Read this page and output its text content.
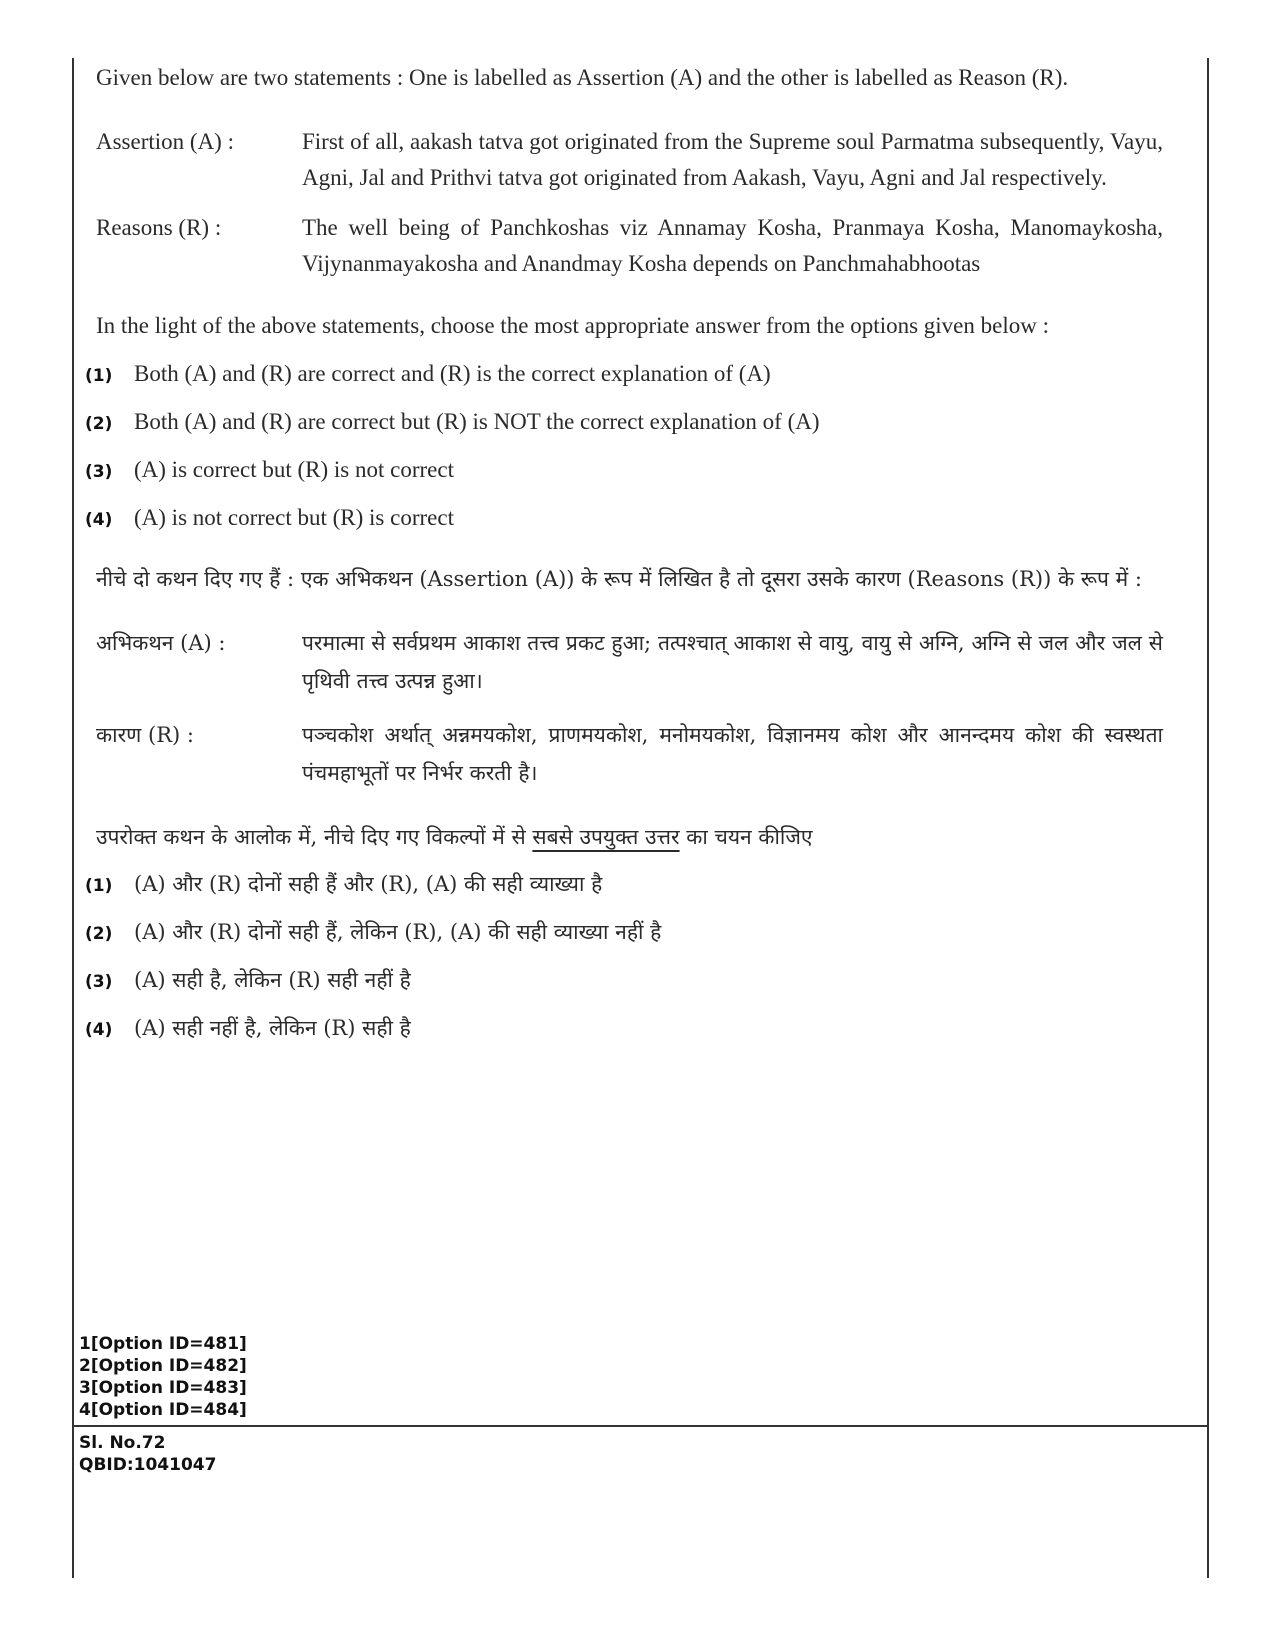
Given below are two statements : One is labelled as Assertion (A) and the other is labelled as Reason (R).

Assertion (A) :	First of all, aakash tatva got originated from the Supreme soul Parmatma subsequently, Vayu, Agni, Jal and Prithvi tatva got originated from Aakash, Vayu, Agni and Jal respectively.
Reasons (R) :	The well being of Panchkoshas viz Annamay Kosha, Pranmaya Kosha, Manomaykosha, Vijynanmayakosha and Anandmay Kosha depends on Panchmahabhootas

In the light of the above statements, choose the most appropriate answer from the options given below :

(1) Both (A) and (R) are correct and (R) is the correct explanation of (A)
(2) Both (A) and (R) are correct but (R) is NOT the correct explanation of (A)
(3) (A) is correct but (R) is not correct
(4) (A) is not correct but (R) is correct

नीचे दो कथन दिए गए हैं : एक अभिकथन (Assertion (A)) के रूप में लिखित है तो दूसरा उसके कारण (Reasons (R)) के रूप में :

अभिकथन (A) :	परमात्मा से सर्वप्रथम आकाश तत्त्व प्रकट हुआ; तत्पश्चात् आकाश से वायु, वायु से अग्नि, अग्नि से जल और जल से पृथिवी तत्त्व उत्पन्न हुआ।
कारण (R) :	पञ्चकोश अर्थात् अन्नमयकोश, प्राणमयकोश, मनोमयकोश, विज्ञानमय कोश और आनन्दमय कोश की स्वस्थता पंचमहाभूतों पर निर्भर करती है।

उपरोक्त कथन के आलोक में, नीचे दिए गए विकल्पों में से सबसे उपयुक्त उत्तर का चयन कीजिए

(1)	(A) और (R) दोनों सही हैं और (R), (A) की सही व्याख्या है
(2)	(A) और (R) दोनों सही हैं, लेकिन (R), (A) की सही व्याख्या नहीं है
(3)	(A) सही है, लेकिन (R) सही नहीं है
(4)	(A) सही नहीं है, लेकिन (R) सही है
1[Option ID=481]
2[Option ID=482]
3[Option ID=483]
4[Option ID=484]
Sl. No.72
QBID:1041047
